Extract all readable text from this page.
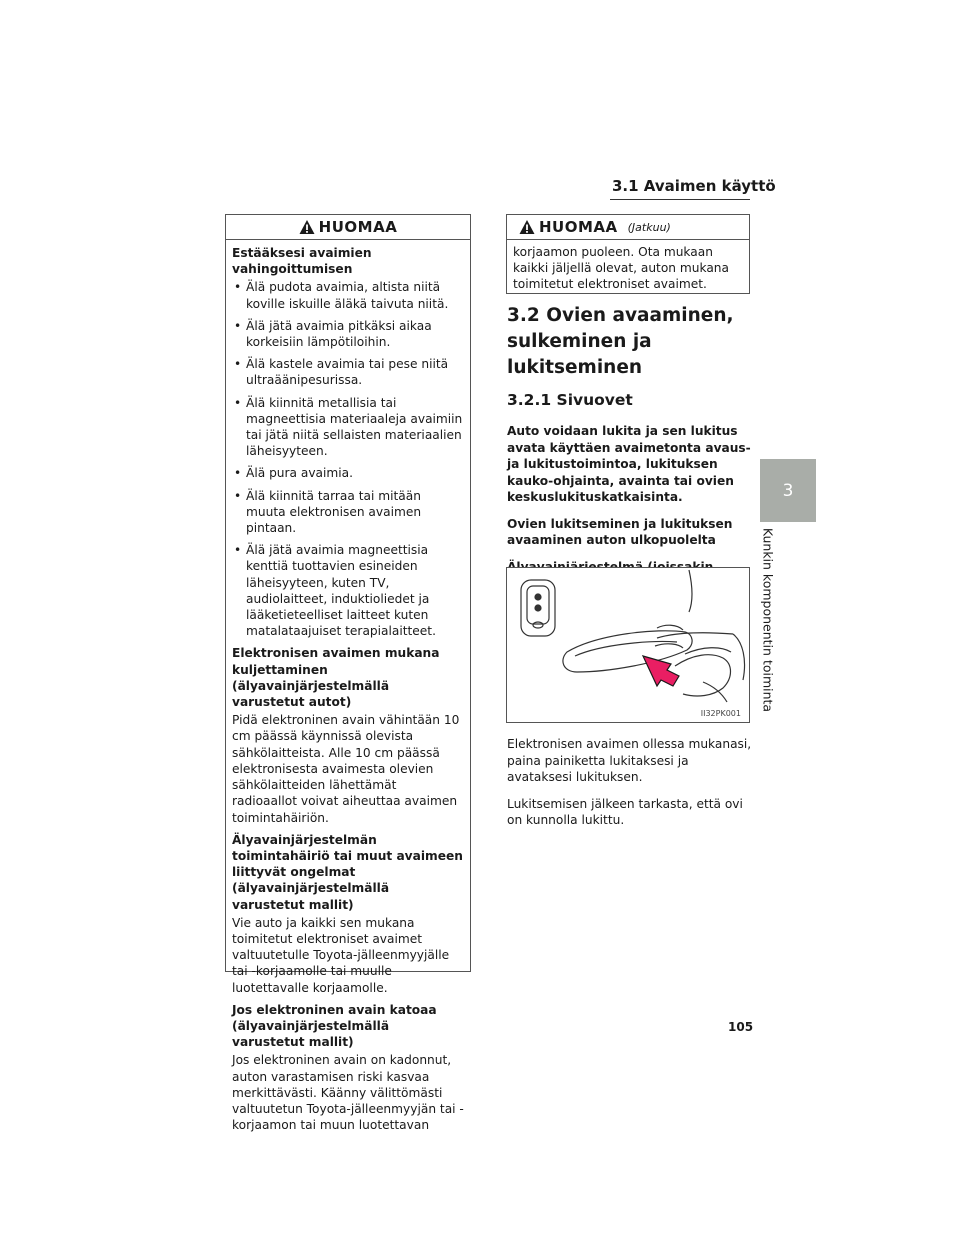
3.1 Avaimen käyttö
HUOMAA
Estääksesi avaimien vahingoittumisen
• Älä pudota avaimia, altista niitä koville iskuille äläkä taivuta niitä.
• Älä jätä avaimia pitkäksi aikaa korkeisiin lämpötiloihin.
• Älä kastele avaimia tai pese niitä ultraäänipesurissa.
• Älä kiinnitä metallisia tai magneettisia materiaaleja avaimiin tai jätä niitä sellaisten materiaalien läheisyyteen.
• Älä pura avaimia.
• Älä kiinnitä tarraa tai mitään muuta elektronisen avaimen pintaan.
• Älä jätä avaimia magneettisia kenttiä tuottavien esineiden läheisyyteen, kuten TV, audiolaitteet, induktioliedet ja lääketieteelliset laitteet kuten matalataajuiset terapialaitteet.
Elektronisen avaimen mukana kuljettaminen (älyavainjärjestelmällä varustetut autot)

Pidä elektroninen avain vähintään 10 cm päässä käynnissä olevista sähkölaitteista. Alle 10 cm päässä elektronisesta avaimesta olevien sähkölaitteiden lähettämät radioaallot voivat aiheuttaa avaimen toimintahäiriön.

Älyavainjärjestelmän toimintahäiriö tai muut avaimeen liittyvät ongelmat (älyavainjärjestelmällä varustetut mallit)

Vie auto ja kaikki sen mukana toimitetut elektroniset avaimet valtuutetulle Toyota-jälleenmyyjälle tai -korjaamolle tai muulle luotettavalle korjaamolle.

Jos elektroninen avain katoaa (älyavainjärjestelmällä varustetut mallit)

Jos elektroninen avain on kadonnut, auton varastamisen riski kasvaa merkittävästi. Käänny välittömästi valtuutetun Toyota-jälleenmyyjän tai -korjaamon tai muun luotettavan

HUOMAA (Jatkuu)

korjaamon puoleen. Ota mukaan kaikki jäljellä olevat, auton mukana toimitetut elektroniset avaimet.

3.2 Ovien avaaminen, sulkeminen ja lukitseminen
3.2.1 Sivuovet

Auto voidaan lukita ja sen lukitus avata käyttäen avaimetonta avaus- ja lukitustoimintoa, lukituksen kauko-ohjainta, avainta tai ovien keskuslukituskatkaisinta.

Ovien lukitseminen ja lukituksen avaaminen auton ulkopuolelta

II32PK001

Elektronisen avaimen ollessa mukanasi, paina painiketta lukitaksesi ja avataksesi lukituksen.

Lukitsemisen jälkeen tarkasta, että ovi on kunnolla lukittu.

3
Kunkin komponentin toiminta
105
